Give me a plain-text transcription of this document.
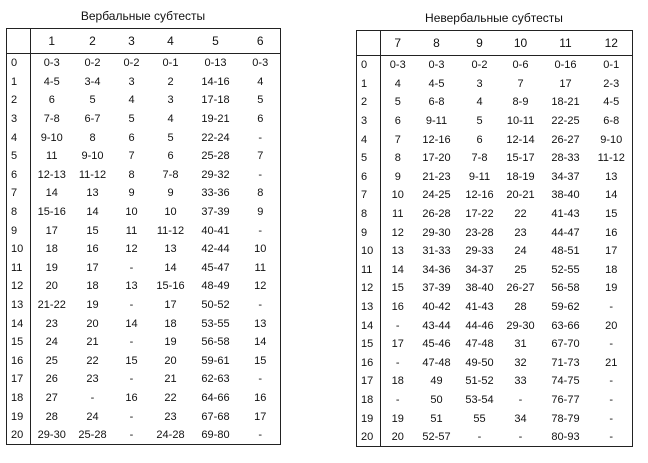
Вербальные субтесты
	1	2	3	4	5	6
0	0-3	0-2	0-2	0-1	0-13	0-3
1	4-5	3-4	3	2	14-16	4
2	6	5	4	3	17-18	5
3	7-8	6-7	5	4	19-21	6
4	9-10	8	6	5	22-24	-
5	11	9-10	7	6	25-28	7
6	12-13	11-12	8	7-8	29-32	-
7	14	13	9	9	33-36	8
8	15-16	14	10	10	37-39	9
9	17	15	11	11-12	40-41	-
10	18	16	12	13	42-44	10
11	19	17	-	14	45-47	11
12	20	18	13	15-16	48-49	12
13	21-22	19	-	17	50-52	-
14	23	20	14	18	53-55	13
15	24	21	-	19	56-58	14
16	25	22	15	20	59-61	15
17	26	23	-	21	62-63	-
18	27	-	16	22	64-66	16
19	28	24	-	23	67-68	17
20	29-30	25-28	-	24-28	69-80	-
Невербальные субтесты
	7	8	9	10	11	12
0	0-3	0-3	0-2	0-6	0-16	0-1
1	4	4-5	3	7	17	2-3
2	5	6-8	4	8-9	18-21	4-5
3	6	9-11	5	10-11	22-25	6-8
4	7	12-16	6	12-14	26-27	9-10
5	8	17-20	7-8	15-17	28-33	11-12
6	9	21-23	9-11	18-19	34-37	13
7	10	24-25	12-16	20-21	38-40	14
8	11	26-28	17-22	22	41-43	15
9	12	29-30	23-28	23	44-47	16
10	13	31-33	29-33	24	48-51	17
11	14	34-36	34-37	25	52-55	18
12	15	37-39	38-40	26-27	56-58	19
13	16	40-42	41-43	28	59-62	-
14	-	43-44	44-46	29-30	63-66	20
15	17	45-46	47-48	31	67-70	-
16	-	47-48	49-50	32	71-73	21
17	18	49	51-52	33	74-75	-
18	-	50	53-54	-	76-77	-
19	19	51	55	34	78-79	-
20	20	52-57	-	-	80-93	-
